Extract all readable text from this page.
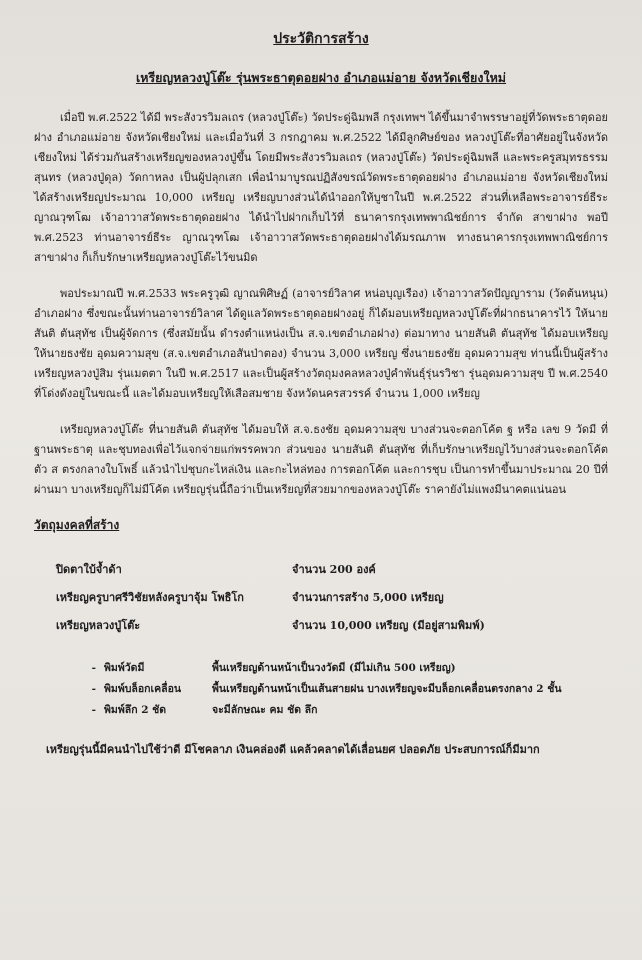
ประวัติการสร้าง
เหรียญหลวงปู่โต๊ะ รุ่นพระธาตุดอยฝาง อำเภอแม่อาย จังหวัดเชียงใหม่

เมื่อปี พ.ศ.2522 ได้มี พระสังวรวิมลเถร (หลวงปู่โต๊ะ) วัดประดู่ฉิมพลี กรุงเทพฯ ได้ขึ้นมาจำพรรษาอยู่ที่วัดพระธาตุดอยฝาง อำเภอแม่อาย จังหวัดเชียงใหม่ และเมื่อวันที่ 3 กรกฎาคม พ.ศ.2522 ได้มีลูกศิษย์ของ หลวงปู่โต๊ะที่อาศัยอยู่ในจังหวัดเชียงใหม่ ได้ร่วมกันสร้างเหรียญของหลวงปู่ขึ้น โดยมีพระสังวรวิมลเถร (หลวงปู่โต๊ะ) วัดประดู่ฉิมพลี และพระครูสมุทรธรรมสุนทร (หลวงปู่ดุล) วัดกาหลง เป็นผู้ปลุกเสก เพื่อนำมาบูรณปฏิสังขรณ์วัดพระธาตุดอยฝาง อำเภอแม่อาย จังหวัดเชียงใหม่ ได้สร้างเหรียญประมาณ 10,000 เหรียญ เหรียญบางส่วนได้นำออกให้บูชาในปี พ.ศ.2522 ส่วนที่เหลือพระอาจารย์ธีระ ญาณวุฑโฒ เจ้าอาวาสวัดพระธาตุดอยฝาง ได้นำไปฝากเก็บไว้ที่ ธนาคารกรุงเทพพาณิชย์การ จำกัด สาขาฝาง พอปี พ.ศ.2523 ท่านอาจารย์ธีระ ญาณวุฑโฒ เจ้าอาวาสวัดพระธาตุดอยฝางได้มรณภาพ ทางธนาคารกรุงเทพพาณิชย์การ สาขาฝาง ก็เก็บรักษาเหรียญหลวงปู่โต๊ะไว้ขนมิด

พอประมาณปี พ.ศ.2533 พระครูวุฒิ ญาณพิศิษฏ์ (อาจารย์วิลาศ หน่อบุญเรือง) เจ้าอาวาสวัดปัญญาราม (วัดต้นหนุน) อำเภอฝาง ซึ่งขณะนั้นท่านอาจารย์วิลาศ ได้ดูแลวัดพระธาตุดอยฝางอยู่ ก็ได้มอบเหรียญหลวงปู่โต๊ะที่ฝากธนาคารไว้ ให้นายสันติ ตันสุทัช เป็นผู้จัดการ (ซึ่งสมัยนั้น ดำรงตำแหน่งเป็น ส.จ.เขตอำเภอฝาง) ต่อมาทาง นายสันติ ตันสุทัช ได้มอบเหรียญให้นายธงชัย อุดมความสุข (ส.จ.เขตอำเภอสันป่าตอง) จำนวน 3,000 เหรียญ ซึ่งนายธงชัย อุดมความสุข ท่านนี้เป็นผู้สร้างเหรียญหลวงปู่สิม รุ่นเมตตา ในปี พ.ศ.2517 และเป็นผู้สร้างวัตถุมงคลหลวงปู่คำพันธ์ุรุ่นรวิชา รุ่นอุดมความสุข ปี พ.ศ.2540 ที่โด่งดังอยู่ในขณะนี้ และได้มอบเหรียญให้เสือสมชาย จังหวัดนครสวรรค์ จำนวน 1,000 เหรียญ

เหรียญหลวงปู่โต๊ะ ที่นายสันติ ตันสุทัช ได้มอบให้ ส.จ.ธงชัย อุดมความสุข บางส่วนจะตอกโค้ต ฐ หรือ เลข 9 วัดมี ที่ฐานพระธาตุ และชุบทองเพื่อไว้แจกจ่ายแก่พรรคพวก ส่วนของ นายสันติ ตันสุทัช ที่เก็บรักษาเหรียญไว้บางส่วนจะตอกโค้ต ตัว ส ตรงกลางใบโพธิ์ แล้วนำไปชุบกะไหล่เงิน และกะไหล่ทอง การตอกโค้ต และการชุบ เป็นการทำขึ้นมาประมาณ 20 ปีที่ผ่านมา บางเหรียญก็ไม่มีโค้ต เหรียญรุ่นนี้ถือว่าเป็นเหรียญที่สวยมากของหลวงปู่โต๊ะ ราคายังไม่แพงมีนาคตแน่นอน

วัตถุมงคลที่สร้าง
ปิดตาใบ้จ้ำด้า	จำนวน 200 องค์
เหรียญครูบาศรีวิชัยหลังครูบาจุ้ม โพธิโก	จำนวนการสร้าง 5,000 เหรียญ
เหรียญหลวงปู่โต๊ะ	จำนวน 10,000 เหรียญ (มีอยู่สามพิมพ์)
- พิมพ์วัดมี	พื้นเหรียญด้านหน้าเป็นวงวัดมี (มีไม่เกิน 500 เหรียญ)
- พิมพ์บล็อกเคลื่อน	พื้นเหรียญด้านหน้าเป็นเส้นสายฝน บางเหรียญจะมีบล็อกเคลื่อนตรงกลาง 2 ชั้น
- พิมพ์ลึก 2 ชัด	จะมีลักษณะ คม ชัด ลึก
เหรียญรุ่นนี้มีคนนำไปใช้ว่าดี มีโชคลาภ เงินคล่องดี แคล้วคลาดได้เลื่อนยศ ปลอดภัย ประสบการณ์ก็มีมาก
